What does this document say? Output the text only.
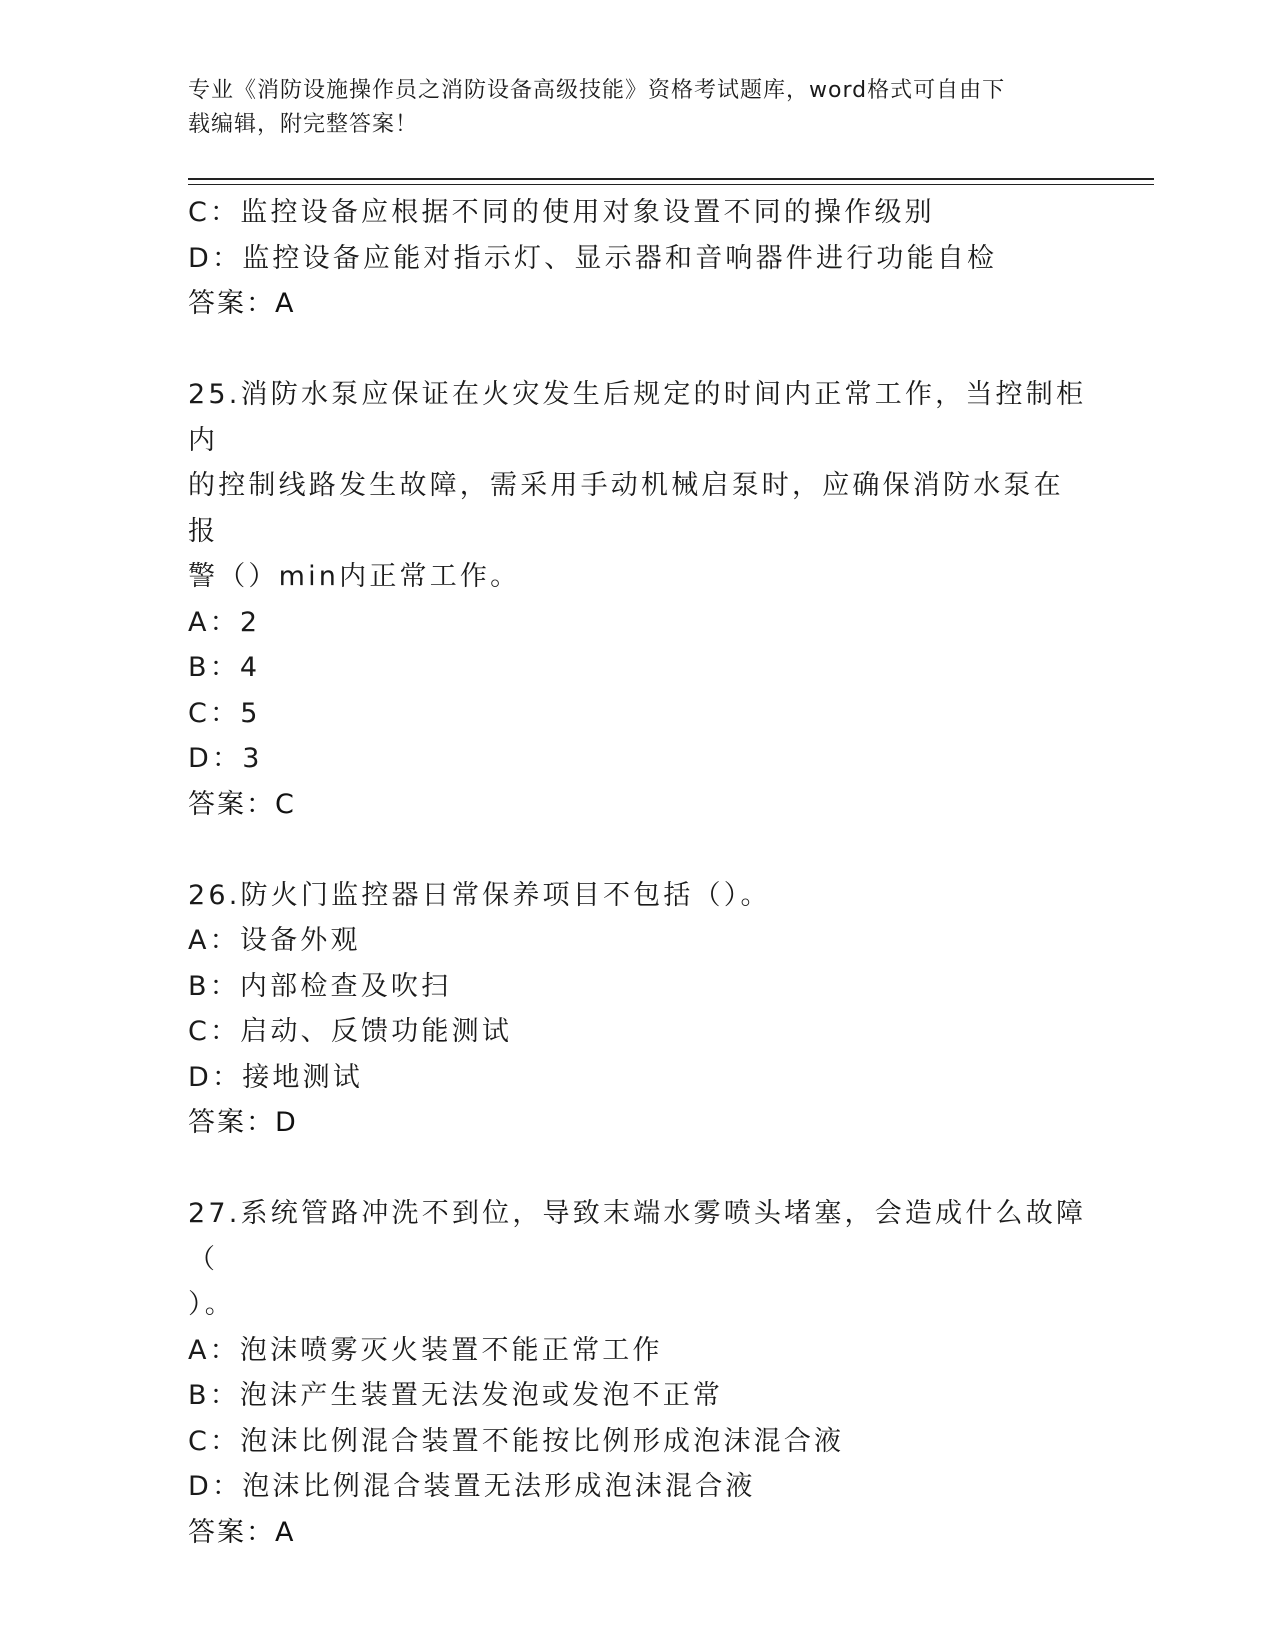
专业《消防设施操作员之消防设备高级技能》资格考试题库，word格式可自由下
载编辑，附完整答案！
C：监控设备应根据不同的使用对象设置不同的操作级别
D：监控设备应能对指示灯、显示器和音响器件进行功能自检
答案：A
25.消防水泵应保证在火灾发生后规定的时间内正常工作，当控制柜内
的控制线路发生故障，需采用手动机械启泵时，应确保消防水泵在报
警（）min内正常工作。
A：2
B：4
C：5
D：3
答案：C
26.防火门监控器日常保养项目不包括（）。
A：设备外观
B：内部检查及吹扫
C：启动、反馈功能测试
D：接地测试
答案：D
27.系统管路冲洗不到位，导致末端水雾喷头堵塞，会造成什么故障（
）。
A：泡沫喷雾灭火装置不能正常工作
B：泡沫产生装置无法发泡或发泡不正常
C：泡沫比例混合装置不能按比例形成泡沫混合液
D：泡沫比例混合装置无法形成泡沫混合液
答案：A
